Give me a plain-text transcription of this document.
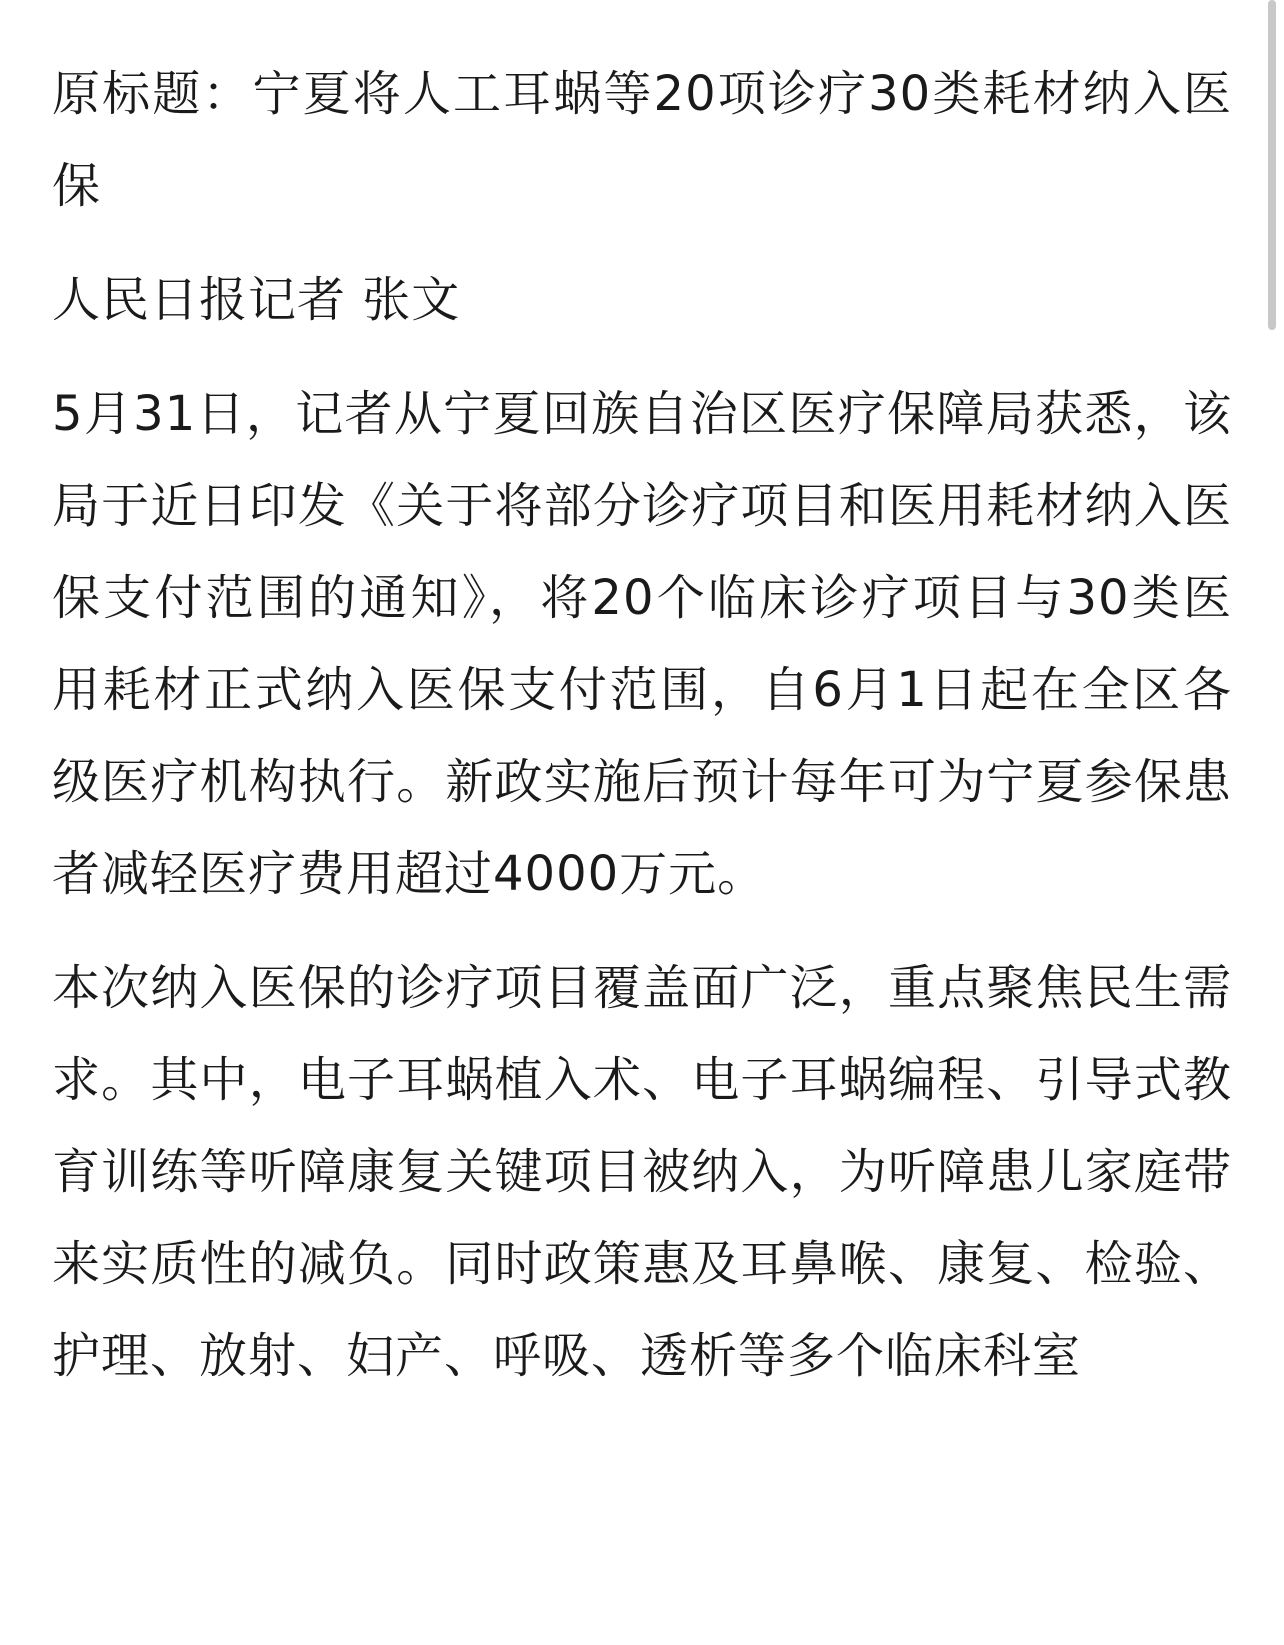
原标题：宁夏将人工耳蜗等20项诊疗30类耗材纳入医保

人民日报记者 张文

5月31日，记者从宁夏回族自治区医疗保障局获悉，该局于近日印发《关于将部分诊疗项目和医用耗材纳入医保支付范围的通知》，将20个临床诊疗项目与30类医用耗材正式纳入医保支付范围，自6月1日起在全区各级医疗机构执行。新政实施后预计每年可为宁夏参保患者减轻医疗费用超过4000万元。

本次纳入医保的诊疗项目覆盖面广泛，重点聚焦民生需求。其中，电子耳蜗植入术、电子耳蜗编程、引导式教育训练等听障康复关键项目被纳入，为听障患儿家庭带来实质性的减负。同时政策惠及耳鼻喉、康复、检验、护理、放射、妇产、呼吸、透析等多个临床科室
